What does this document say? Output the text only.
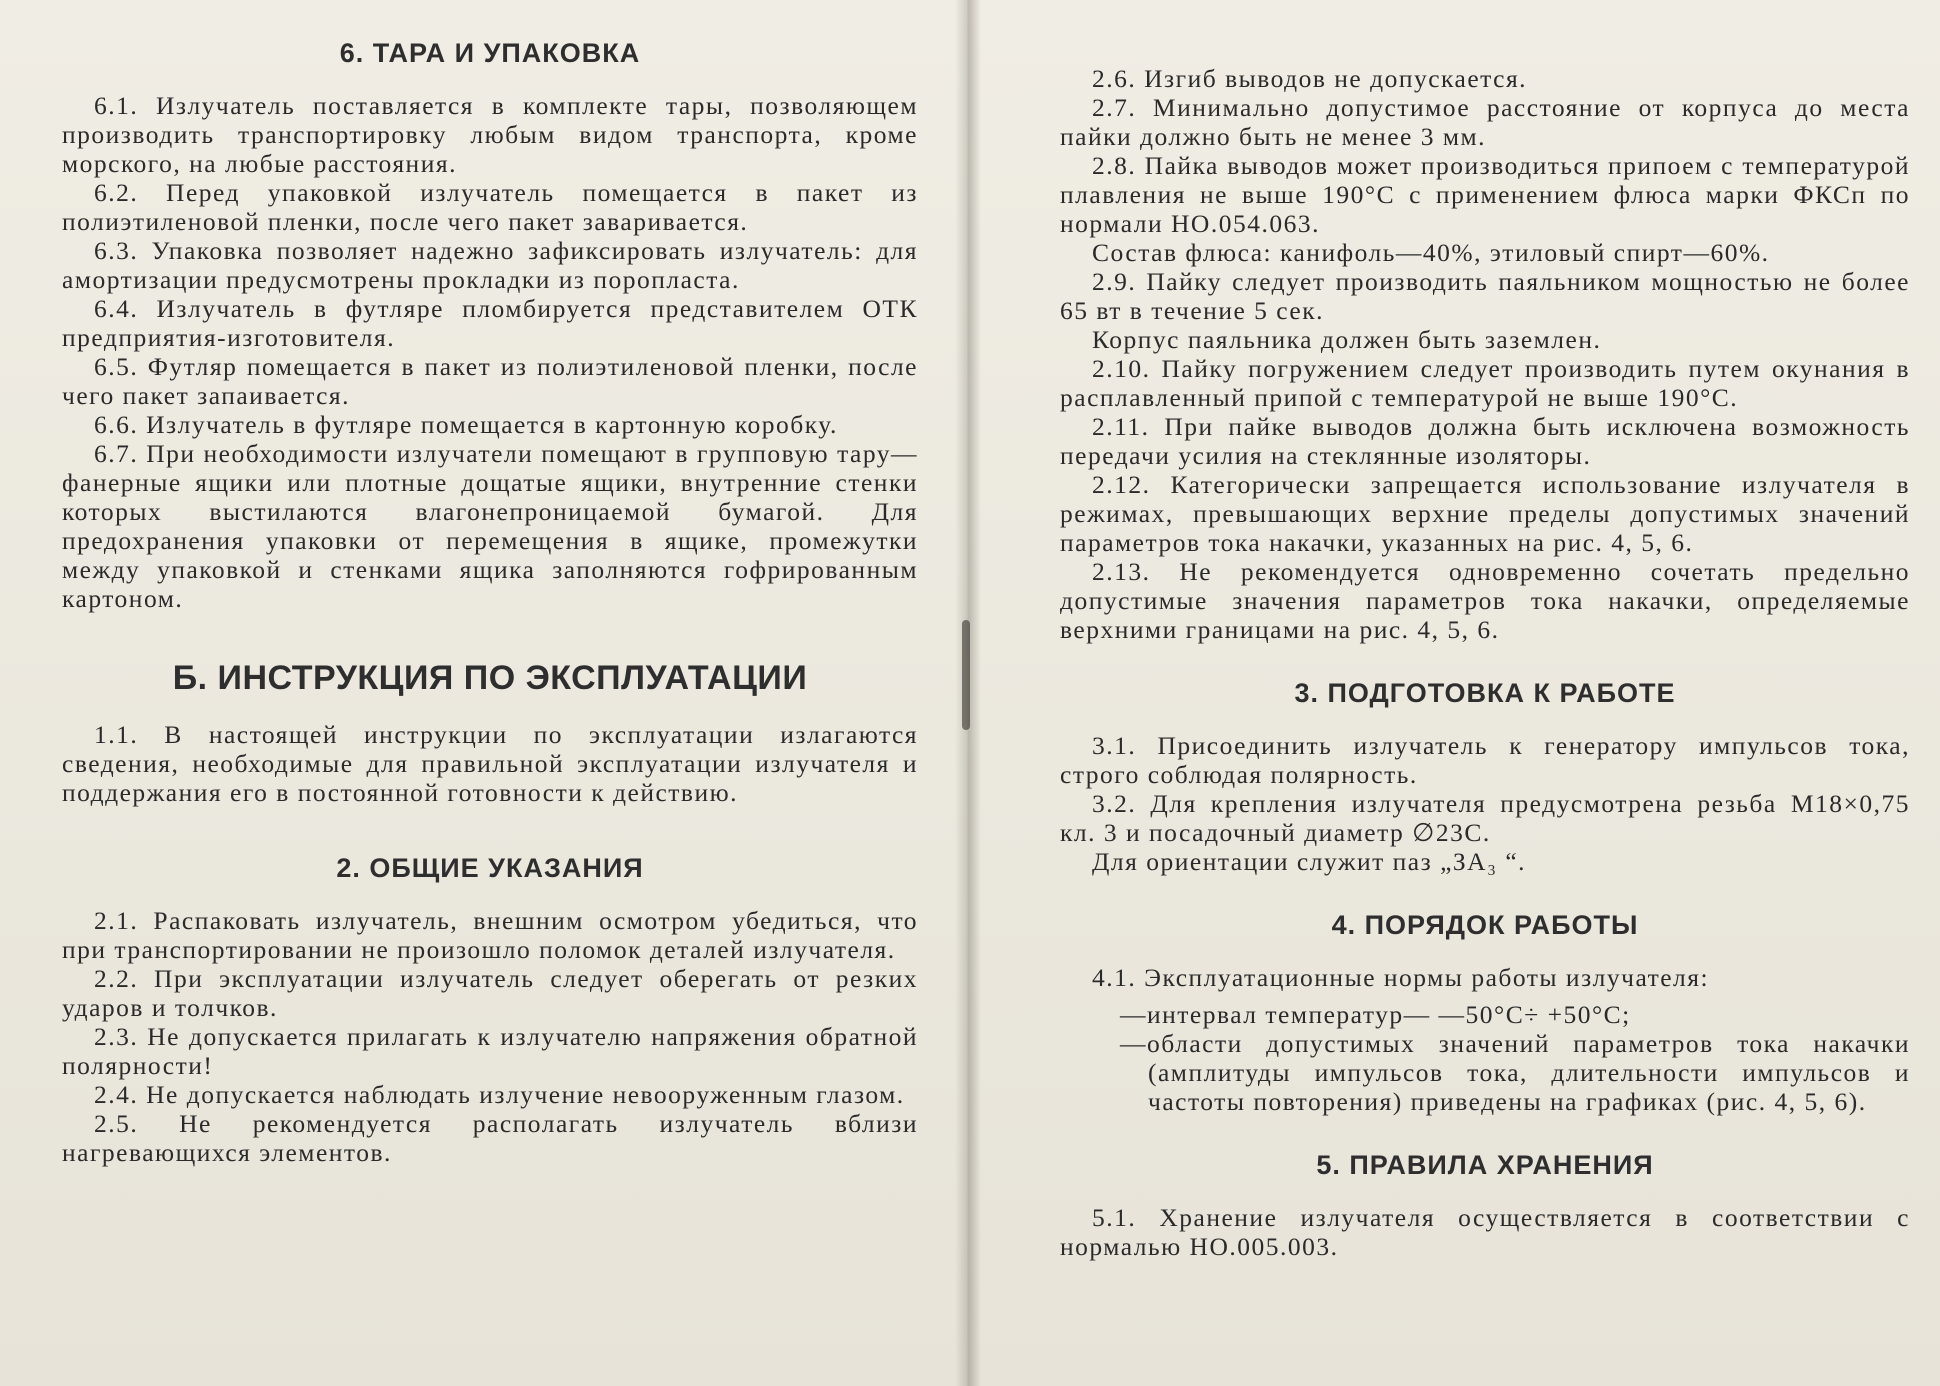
6. ТАРА И УПАКОВКА

6.1. Излучатель поставляется в комплекте тары, позволяющем производить транспортировку любым видом транспорта, кроме морского, на любые расстояния.

6.2. Перед упаковкой излучатель помещается в пакет из полиэтиленовой пленки, после чего пакет заваривается.

6.3. Упаковка позволяет надежно зафиксировать излучатель: для амортизации предусмотрены прокладки из поропласта.

6.4. Излучатель в футляре пломбируется представителем ОТК предприятия-изготовителя.

6.5. Футляр помещается в пакет из полиэтиленовой пленки, после чего пакет запаивается.

6.6. Излучатель в футляре помещается в картонную коробку.

6.7. При необходимости излучатели помещают в групповую тару—фанерные ящики или плотные дощатые ящики, внутренние стенки которых выстилаются влагонепроницаемой бумагой. Для предохранения упаковки от перемещения в ящике, промежутки между упаковкой и стенками ящика заполняются гофрированным картоном.

Б. ИНСТРУКЦИЯ ПО ЭКСПЛУАТАЦИИ

1.1. В настоящей инструкции по эксплуатации излагаются сведения, необходимые для правильной эксплуатации излучателя и поддержания его в постоянной готовности к действию.

2. ОБЩИЕ УКАЗАНИЯ

2.1. Распаковать излучатель, внешним осмотром убедиться, что при транспортировании не произошло поломок деталей излучателя.

2.2. При эксплуатации излучатель следует оберегать от резких ударов и толчков.

2.3. Не допускается прилагать к излучателю напряжения обратной полярности!

2.4. Не допускается наблюдать излучение невооруженным глазом.

2.5. Не рекомендуется располагать излучатель вблизи нагревающихся элементов.

2.6. Изгиб выводов не допускается.

2.7. Минимально допустимое расстояние от корпуса до места пайки должно быть не менее 3 мм.

2.8. Пайка выводов может производиться припоем с температурой плавления не выше 190°С с применением флюса марки ФКСп по нормали НО.054.063.

Состав флюса: канифоль—40%, этиловый спирт—60%.

2.9. Пайку следует производить паяльником мощностью не более 65 вт в течение 5 сек.

Корпус паяльника должен быть заземлен.

2.10. Пайку погружением следует производить путем окунания в расплавленный припой с температурой не выше 190°С.

2.11. При пайке выводов должна быть исключена возможность передачи усилия на стеклянные изоляторы.

2.12. Категорически запрещается использование излучателя в режимах, превышающих верхние пределы допустимых значений параметров тока накачки, указанных на рис. 4, 5, 6.

2.13. Не рекомендуется одновременно сочетать предельно допустимые значения параметров тока накачки, определяемые верхними границами на рис. 4, 5, 6.

3. ПОДГОТОВКА К РАБОТЕ

3.1. Присоединить излучатель к генератору импульсов тока, строго соблюдая полярность.

3.2. Для крепления излучателя предусмотрена резьба М18×0,75 кл. 3 и посадочный диаметр ∅23С.

Для ориентации служит паз „ЗА₃ “.

4. ПОРЯДОК РАБОТЫ

4.1. Эксплуатационные нормы работы излучателя:

—интервал температур— —50°С÷ +50°С;

—области допустимых значений параметров тока накачки (амплитуды импульсов тока, длительности импульсов и частоты повторения) приведены на графиках (рис. 4, 5, 6).

5. ПРАВИЛА ХРАНЕНИЯ

5.1. Хранение излучателя осуществляется в соответствии с нормалью НО.005.003.
